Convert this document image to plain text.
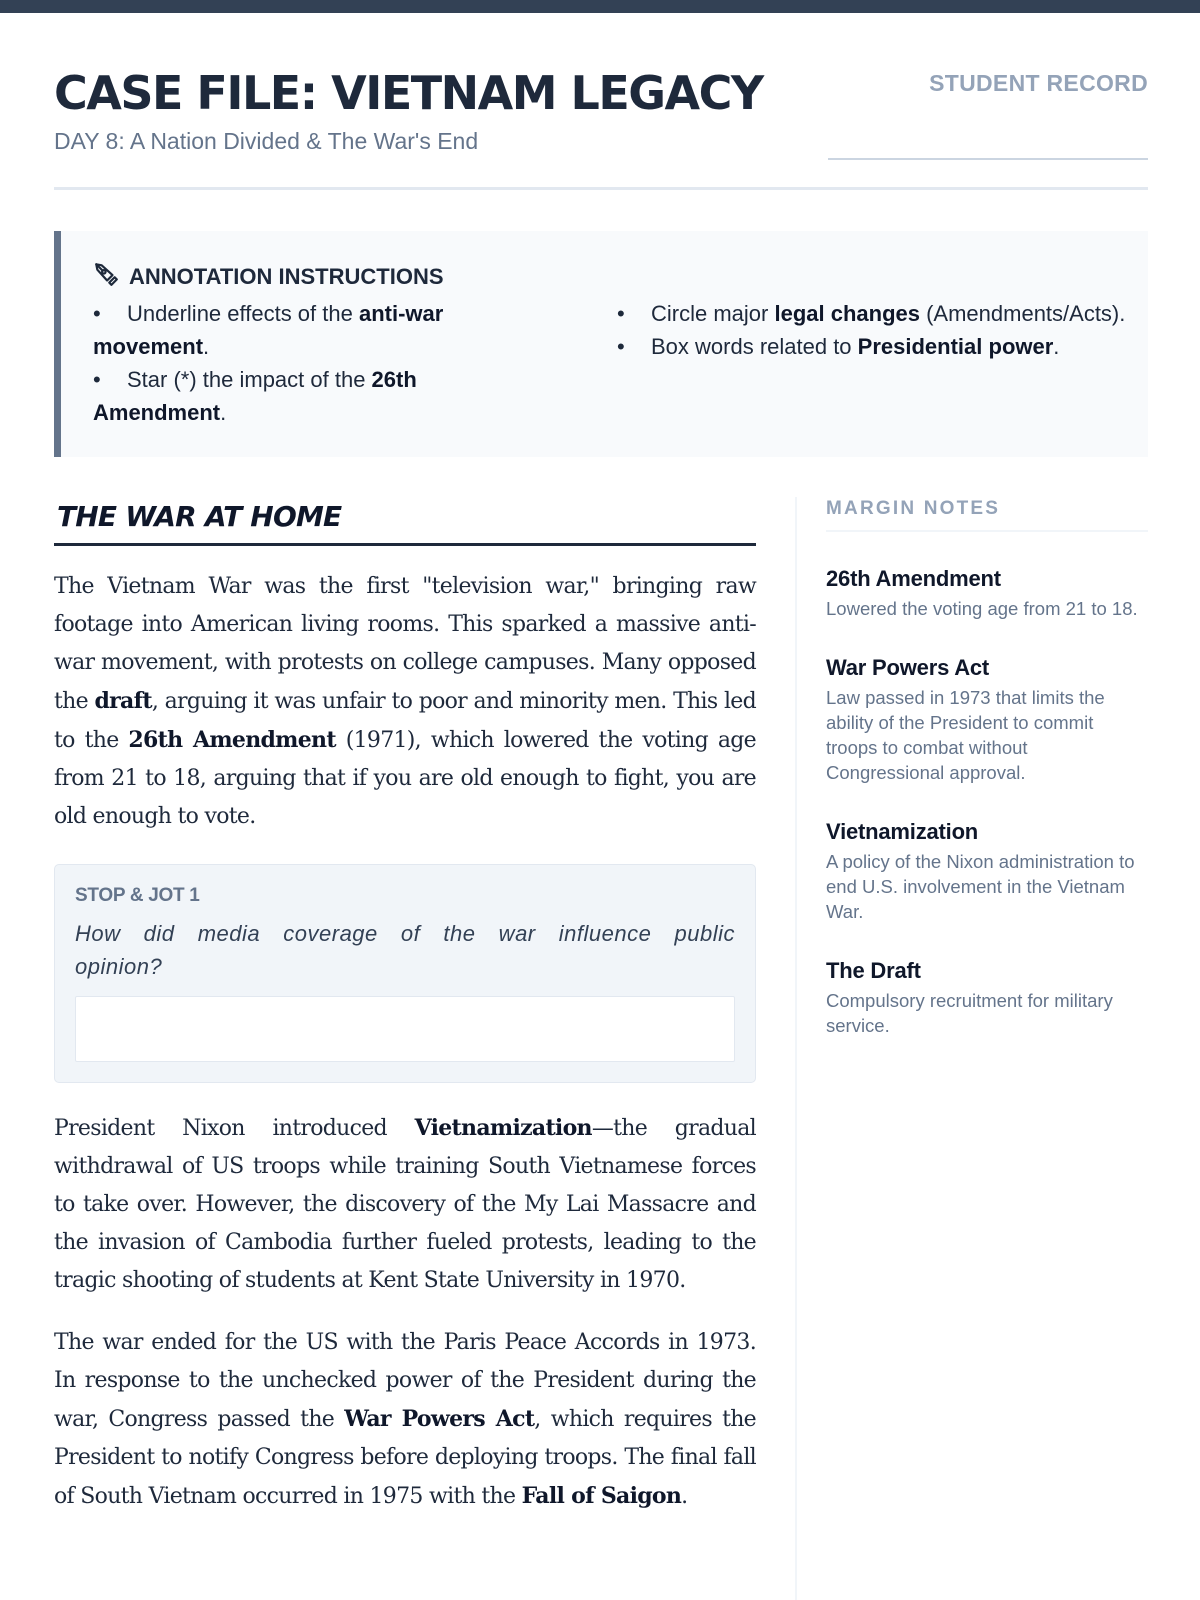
CASE FILE: VIETNAM LEGACY
DAY 8: A Nation Divided & The War's End
STUDENT RECORD
ANNOTATION INSTRUCTIONS
• Underline effects of the anti-war movement.
• Star (*) the impact of the 26th Amendment.
• Circle major legal changes (Amendments/Acts).
• Box words related to Presidential power.
THE WAR AT HOME

The Vietnam War was the first "television war," bringing raw footage into American living rooms. This sparked a massive anti-war movement, with protests on college campuses. Many opposed the draft, arguing it was unfair to poor and minority men. This led to the 26th Amendment (1971), which lowered the voting age from 21 to 18, arguing that if you are old enough to fight, you are old enough to vote.

STOP & JOT 1
How did media coverage of the war influence public opinion?

President Nixon introduced Vietnamization—the gradual withdrawal of US troops while training South Vietnamese forces to take over. However, the discovery of the My Lai Massacre and the invasion of Cambodia further fueled protests, leading to the tragic shooting of students at Kent State University in 1970.

The war ended for the US with the Paris Peace Accords in 1973. In response to the unchecked power of the President during the war, Congress passed the War Powers Act, which requires the President to notify Congress before deploying troops. The final fall of South Vietnam occurred in 1975 with the Fall of Saigon.

MARGIN NOTES
26th Amendment
Lowered the voting age from 21 to 18.
War Powers Act
Law passed in 1973 that limits the ability of the President to commit troops to combat without Congressional approval.
Vietnamization
A policy of the Nixon administration to end U.S. involvement in the Vietnam War.
The Draft
Compulsory recruitment for military service.
